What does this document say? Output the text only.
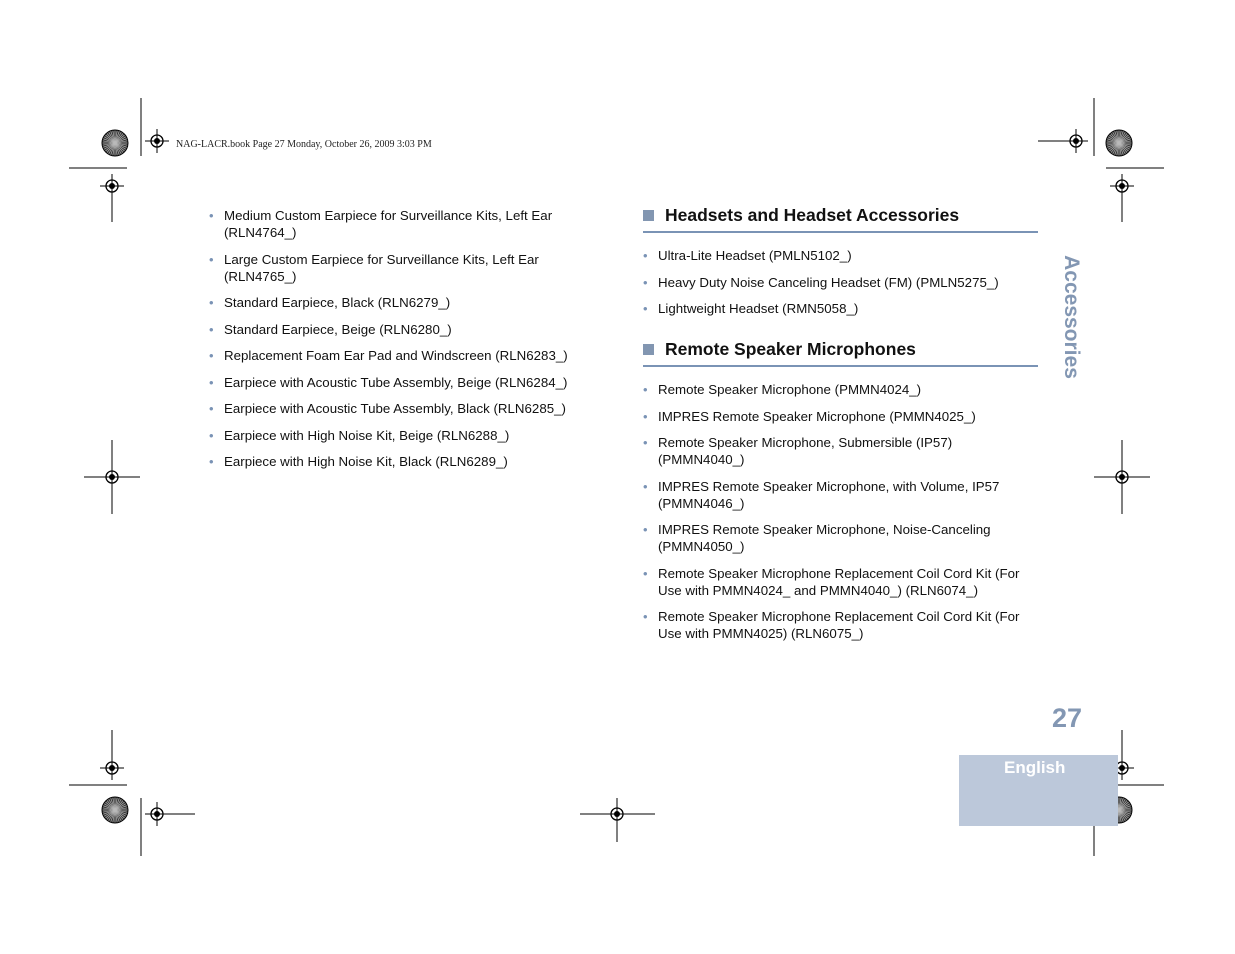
NAG-LACR.book Page 27 Monday, October 26, 2009 3:03 PM
• Medium Custom Earpiece for Surveillance Kits, Left Ear (RLN4764_)
• Large Custom Earpiece for Surveillance Kits, Left Ear (RLN4765_)
• Standard Earpiece, Black (RLN6279_)
• Standard Earpiece, Beige (RLN6280_)
• Replacement Foam Ear Pad and Windscreen (RLN6283_)
• Earpiece with Acoustic Tube Assembly, Beige (RLN6284_)
• Earpiece with Acoustic Tube Assembly, Black (RLN6285_)
• Earpiece with High Noise Kit, Beige (RLN6288_)
• Earpiece with High Noise Kit, Black (RLN6289_)
Headsets and Headset Accessories
• Ultra-Lite Headset (PMLN5102_)
• Heavy Duty Noise Canceling Headset (FM) (PMLN5275_)
• Lightweight Headset (RMN5058_)
Remote Speaker Microphones
• Remote Speaker Microphone (PMMN4024_)
• IMPRES Remote Speaker Microphone (PMMN4025_)
• Remote Speaker Microphone, Submersible (IP57) (PMMN4040_)
• IMPRES Remote Speaker Microphone, with Volume, IP57 (PMMN4046_)
• IMPRES Remote Speaker Microphone, Noise-Canceling (PMMN4050_)
• Remote Speaker Microphone Replacement Coil Cord Kit (For Use with PMMN4024_ and PMMN4040_) (RLN6074_)
• Remote Speaker Microphone Replacement Coil Cord Kit (For Use with PMMN4025) (RLN6075_)
Accessories
27
English
